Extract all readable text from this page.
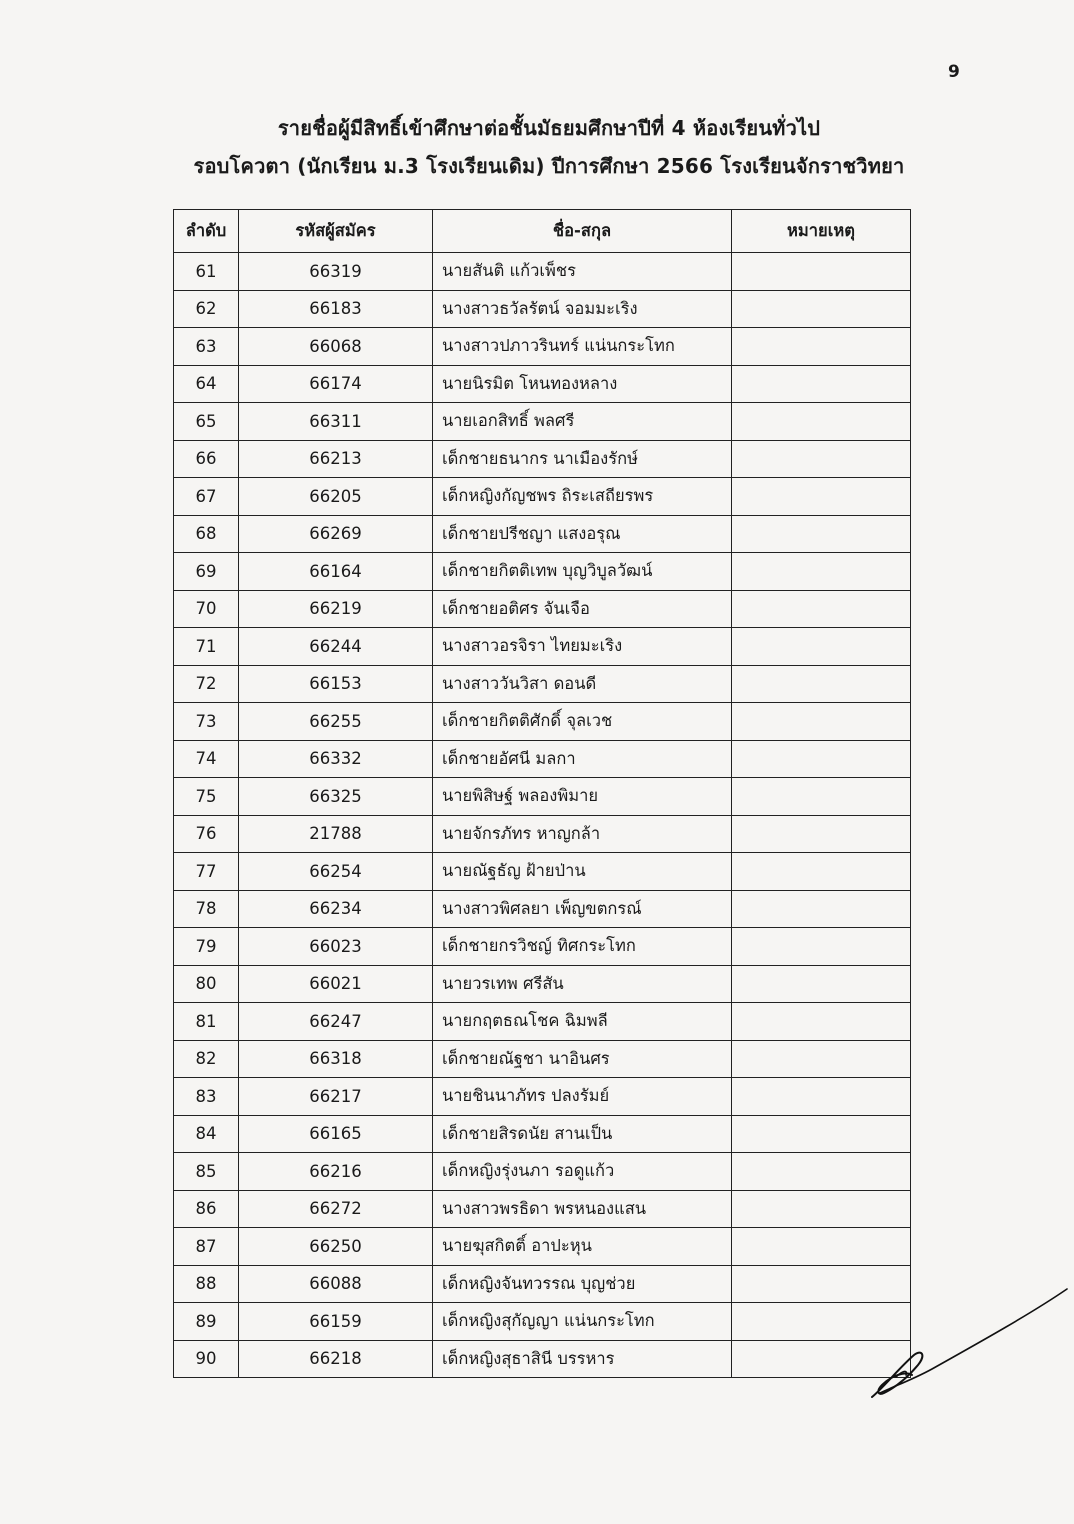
9
รายชื่อผู้มีสิทธิ์เข้าศึกษาต่อชั้นมัธยมศึกษาปีที่ 4 ห้องเรียนทั่วไป
รอบโควตา (นักเรียน ม.3 โรงเรียนเดิม) ปีการศึกษา 2566 โรงเรียนจักราชวิทยา
ลำดับ	รหัสผู้สมัคร	ชื่อ-สกุล	หมายเหตุ
61	66319	นายสันติ แก้วเพ็ชร	
62	66183	นางสาวธวัลรัตน์ จอมมะเริง	
63	66068	นางสาวปภาวรินทร์ แน่นกระโทก	
64	66174	นายนิรมิต โหนทองหลาง	
65	66311	นายเอกสิทธิ์ พลศรี	
66	66213	เด็กชายธนากร นาเมืองรักษ์	
67	66205	เด็กหญิงกัญชพร ถิระเสถียรพร	
68	66269	เด็กชายปรีชญา แสงอรุณ	
69	66164	เด็กชายกิตติเทพ บุญวิบูลวัฒน์	
70	66219	เด็กชายอติศร จันเจือ	
71	66244	นางสาวอรจิรา ไทยมะเริง	
72	66153	นางสาววันวิสา ดอนดี	
73	66255	เด็กชายกิตติศักดิ์ จุลเวช	
74	66332	เด็กชายอัศนี มลกา	
75	66325	นายพิสิษฐ์ พลองพิมาย	
76	21788	นายจักรภัทร หาญกล้า	
77	66254	นายณัฐธัญ ฝ้ายป่าน	
78	66234	นางสาวพิศลยา เพ็ญขตกรณ์	
79	66023	เด็กชายกรวิชญ์ ทิศกระโทก	
80	66021	นายวรเทพ ศรีสัน	
81	66247	นายกฤตธณโชค ฉิมพลี	
82	66318	เด็กชายณัฐชา นาอินศร	
83	66217	นายชินนาภัทร ปลงรัมย์	
84	66165	เด็กชายสิรดนัย สานเป็น	
85	66216	เด็กหญิงรุ่งนภา รอดูแก้ว	
86	66272	นางสาวพรธิดา พรหนองแสน	
87	66250	นายฆุสกิตติ์ อาปะหุน	
88	66088	เด็กหญิงจันทวรรณ บุญช่วย	
89	66159	เด็กหญิงสุกัญญา แน่นกระโทก	
90	66218	เด็กหญิงสุธาสินี บรรหาร	
